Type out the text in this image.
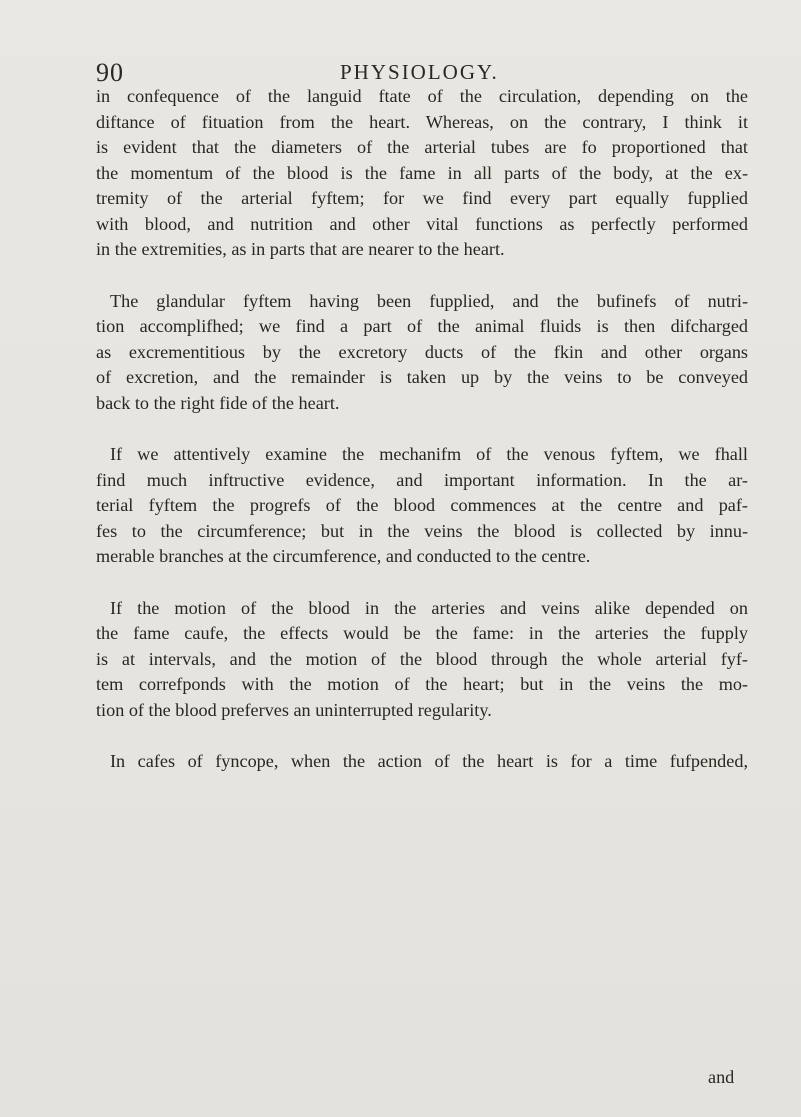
90	PHYSIOLOGY.

in confequence of the languid ftate of the circulation, depending on the
diftance of fituation from the heart. Whereas, on the contrary, I think it
is evident that the diameters of the arterial tubes are fo proportioned that
the momentum of the blood is the fame in all parts of the body, at the ex-
tremity of the arterial fyftem; for we find every part equally fupplied
with blood, and nutrition and other vital functions as perfectly performed
in the extremities, as in parts that are nearer to the heart.

The glandular fyftem having been fupplied, and the bufinefs of nutri-
tion accomplifhed; we find a part of the animal fluids is then difcharged
as excrementitious by the excretory ducts of the fkin and other organs
of excretion, and the remainder is taken up by the veins to be conveyed
back to the right fide of the heart.

If we attentively examine the mechanifm of the venous fyftem, we fhall
find much inftructive evidence, and important information. In the ar-
terial fyftem the progrefs of the blood commences at the centre and paf-
fes to the circumference; but in the veins the blood is collected by innu-
merable branches at the circumference, and conducted to the centre.

If the motion of the blood in the arteries and veins alike depended on
the fame caufe, the effects would be the fame: in the arteries the fupply
is at intervals, and the motion of the blood through the whole arterial fyf-
tem correfponds with the motion of the heart; but in the veins the mo-
tion of the blood preferves an uninterrupted regularity.

In cafes of fyncope, when the action of the heart is for a time fufpended,

and
